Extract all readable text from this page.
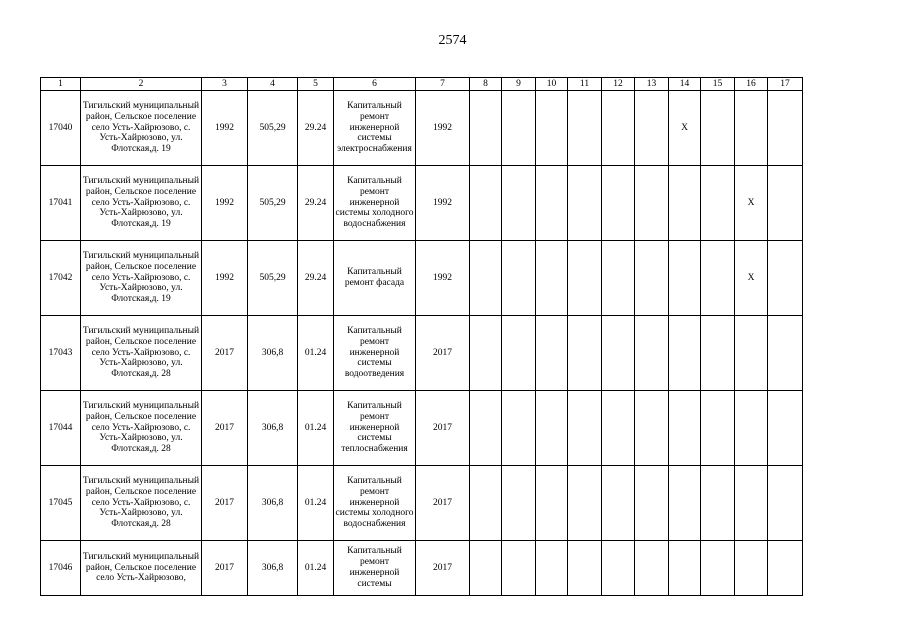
2574
1	2	3	4	5	6	7	8	9	10	11	12	13	14	15	16	17	
17040	Тигильский муниципальный район, Сельское поселение село Усть-Хайрюзово, с. Усть-Хайрюзово, ул. Флотская,д. 19	1992	505,29	29.24	Капитальный ремонт инженерной системы электроснабжения	1992							X				
17041	Тигильский муниципальный район, Сельское поселение село Усть-Хайрюзово, с. Усть-Хайрюзово, ул. Флотская,д. 19	1992	505,29	29.24	Капитальный ремонт инженерной системы холодного водоснабжения	1992									X		
17042	Тигильский муниципальный район, Сельское поселение село Усть-Хайрюзово, с. Усть-Хайрюзово, ул. Флотская,д. 19	1992	505,29	29.24	Капитальный ремонт фасада	1992									X		
17043	Тигильский муниципальный район, Сельское поселение село Усть-Хайрюзово, с. Усть-Хайрюзово, ул. Флотская,д. 28	2017	306,8	01.24	Капитальный ремонт инженерной системы водоотведения	2017											
17044	Тигильский муниципальный район, Сельское поселение село Усть-Хайрюзово, с. Усть-Хайрюзово, ул. Флотская,д. 28	2017	306,8	01.24	Капитальный ремонт инженерной системы теплоснабжения	2017											
17045	Тигильский муниципальный район, Сельское поселение село Усть-Хайрюзово, с. Усть-Хайрюзово, ул. Флотская,д. 28	2017	306,8	01.24	Капитальный ремонт инженерной системы холодного водоснабжения	2017											
17046	Тигильский муниципальный район, Сельское поселение село Усть-Хайрюзово,	2017	306,8	01.24	Капитальный ремонт инженерной системы	2017											
